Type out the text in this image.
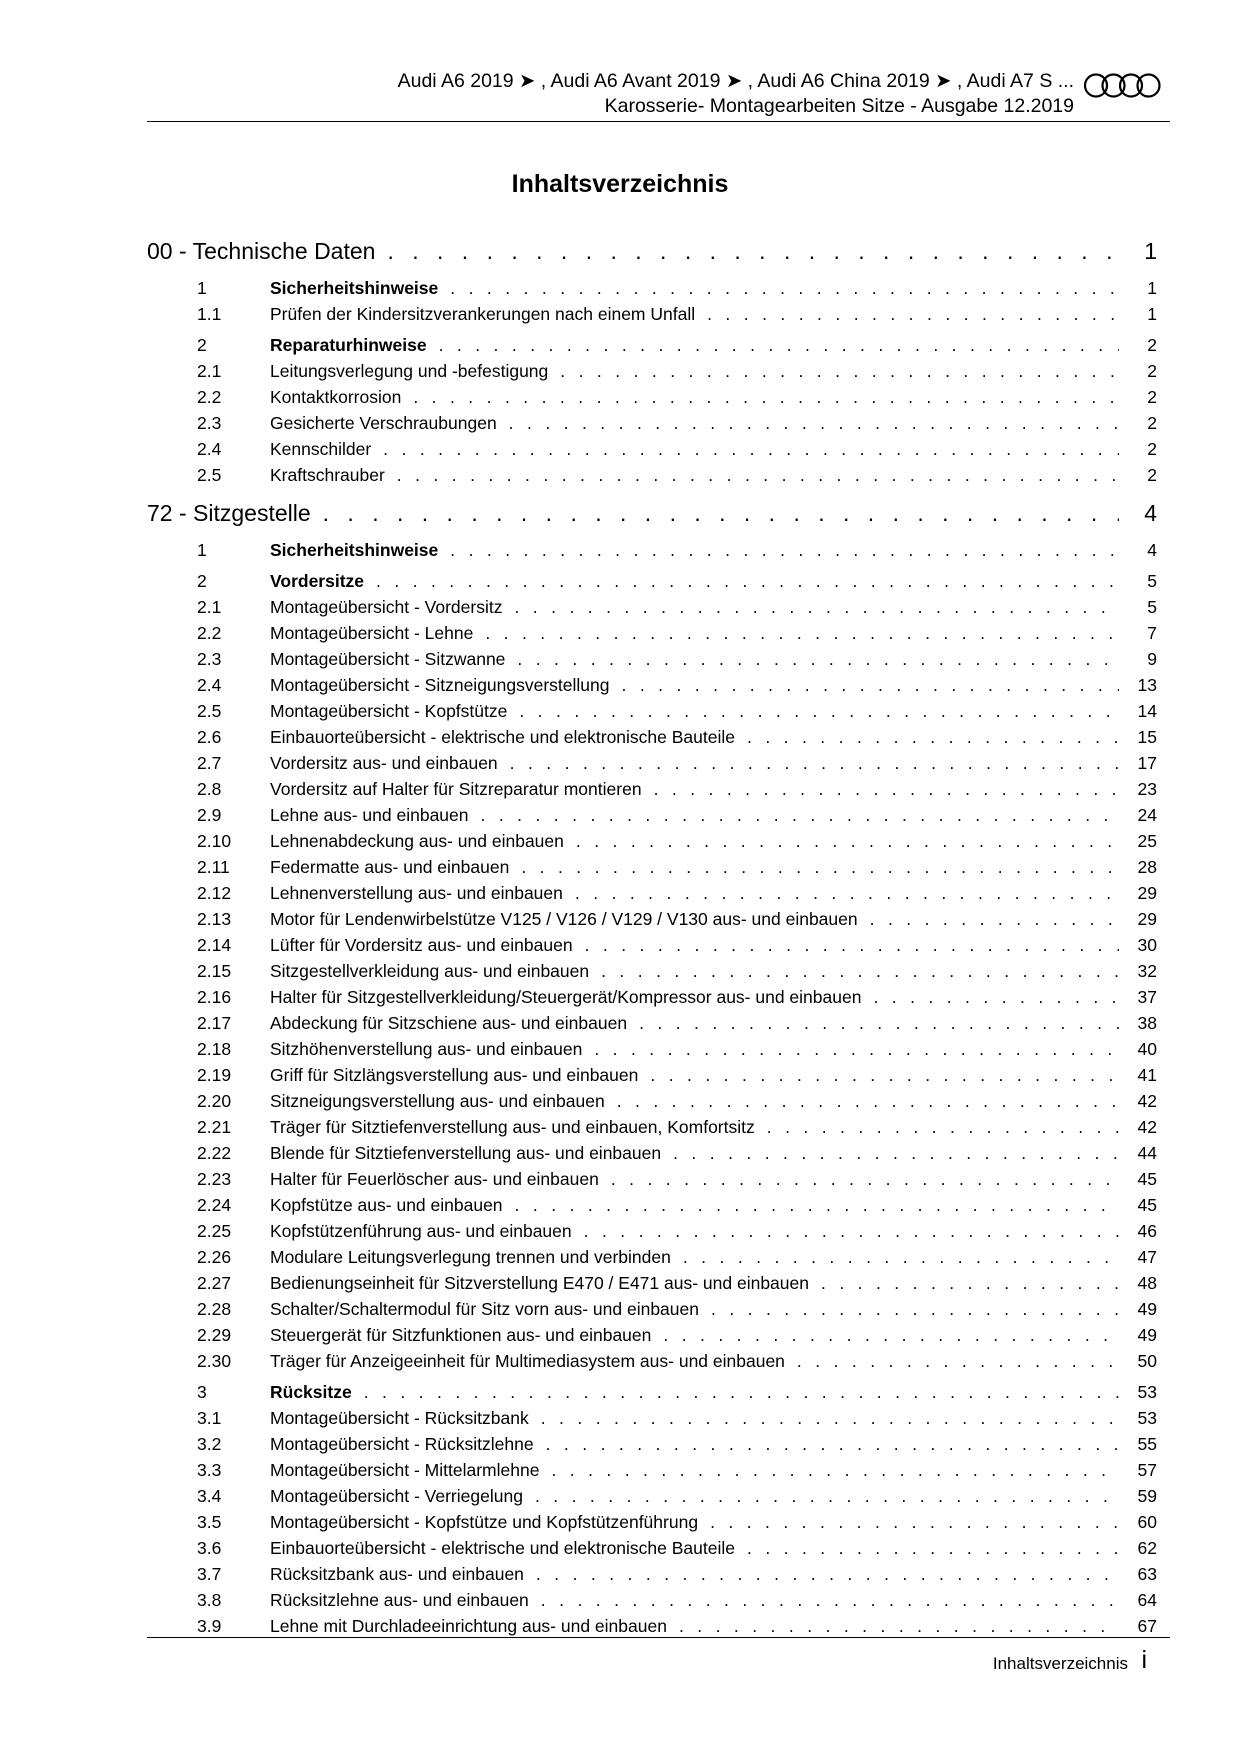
Audi A6 2019 ➤ , Audi A6 Avant 2019 ➤ , Audi A6 China 2019 ➤ , Audi A7 S ...
Karosserie- Montagearbeiten Sitze - Ausgabe 12.2019
Inhaltsverzeichnis
00 - Technische Daten . . .	1
1	Sicherheitshinweise . . .	1
1.1	Prüfen der Kindersitzverankerungen nach einem Unfall . . .	1
2	Reparaturhinweise . . .	2
2.1	Leitungsverlegung und -befestigung . . .	2
2.2	Kontaktkorrosion . . .	2
2.3	Gesicherte Verschraubungen . . .	2
2.4	Kennschilder . . .	2
2.5	Kraftschrauber . . .	2
72 - Sitzgestelle . . .	4
1	Sicherheitshinweise . . .	4
2	Vordersitze . . .	5
2.1	Montageübersicht - Vordersitz . . .	5
2.2	Montageübersicht - Lehne . . .	7
2.3	Montageübersicht - Sitzwanne . . .	9
2.4	Montageübersicht - Sitzneigungsverstellung . . .	13
2.5	Montageübersicht - Kopfstütze . . .	14
2.6	Einbauorteübersicht - elektrische und elektronische Bauteile . . .	15
2.7	Vordersitz aus- und einbauen . . .	17
2.8	Vordersitz auf Halter für Sitzreparatur montieren . . .	23
2.9	Lehne aus- und einbauen . . .	24
2.10	Lehnenabdeckung aus- und einbauen . . .	25
2.11	Federmatte aus- und einbauen . . .	28
2.12	Lehnenverstellung aus- und einbauen . . .	29
2.13	Motor für Lendenwirbelstütze V125 / V126 / V129 / V130 aus- und einbauen . . .	29
2.14	Lüfter für Vordersitz aus- und einbauen . . .	30
2.15	Sitzgestellverkleidung aus- und einbauen . . .	32
2.16	Halter für Sitzgestellverkleidung/Steuergerät/Kompressor aus- und einbauen . . .	37
2.17	Abdeckung für Sitzschiene aus- und einbauen . . .	38
2.18	Sitzhöhenverstellung aus- und einbauen . . .	40
2.19	Griff für Sitzlängsverstellung aus- und einbauen . . .	41
2.20	Sitzneigungsverstellung aus- und einbauen . . .	42
2.21	Träger für Sitztiefenverstellung aus- und einbauen, Komfortsitz . . .	42
2.22	Blende für Sitztiefenverstellung aus- und einbauen . . .	44
2.23	Halter für Feuerlöscher aus- und einbauen . . .	45
2.24	Kopfstütze aus- und einbauen . . .	45
2.25	Kopfstützenführung aus- und einbauen . . .	46
2.26	Modulare Leitungsverlegung trennen und verbinden . . .	47
2.27	Bedienungseinheit für Sitzverstellung E470 / E471 aus- und einbauen . . .	48
2.28	Schalter/Schaltermodul für Sitz vorn aus- und einbauen . . .	49
2.29	Steuergerät für Sitzfunktionen aus- und einbauen . . .	49
2.30	Träger für Anzeigeeinheit für Multimediasystem aus- und einbauen . . .	50
3	Rücksitze . . .	53
3.1	Montageübersicht - Rücksitzbank . . .	53
3.2	Montageübersicht - Rücksitzlehne . . .	55
3.3	Montageübersicht - Mittelarmlehne . . .	57
3.4	Montageübersicht - Verriegelung . . .	59
3.5	Montageübersicht - Kopfstütze und Kopfstützenführung . . .	60
3.6	Einbauorteübersicht - elektrische und elektronische Bauteile . . .	62
3.7	Rücksitzbank aus- und einbauen . . .	63
3.8	Rücksitzlehne aus- und einbauen . . .	64
3.9	Lehne mit Durchladeeinrichtung aus- und einbauen . . .	67
Inhaltsverzeichnis i
